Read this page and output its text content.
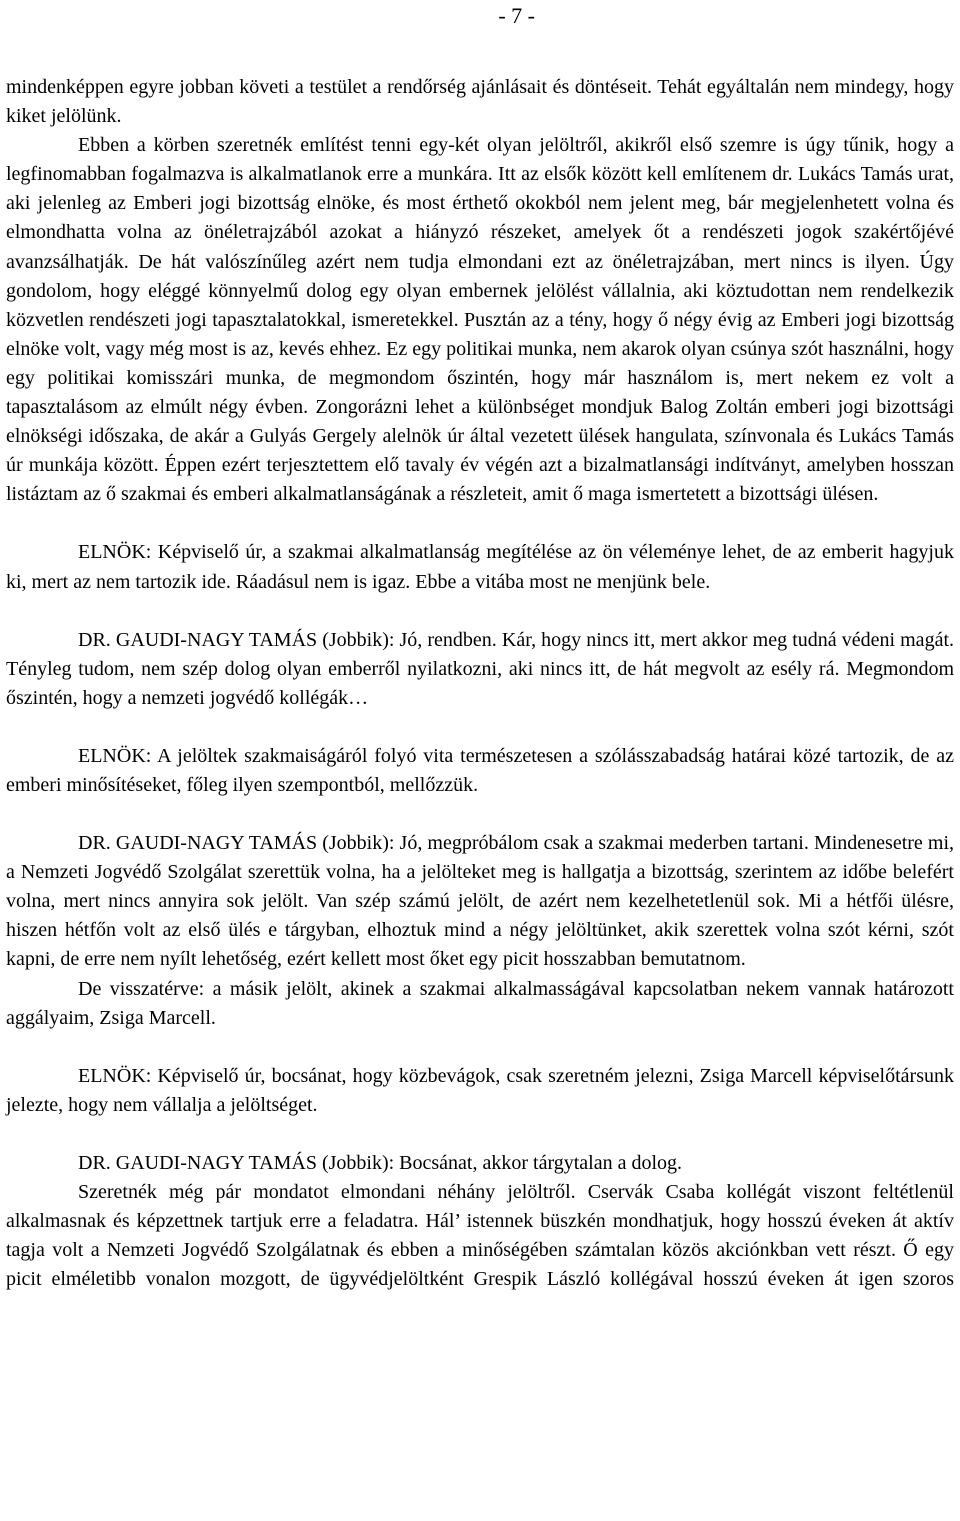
- 7 -

mindenképpen egyre jobban követi a testület a rendőrség ajánlásait és döntéseit. Tehát egyáltalán nem mindegy, hogy kiket jelölünk.

Ebben a körben szeretnék említést tenni egy-két olyan jelöltről, akikről első szemre is úgy tűnik, hogy a legfinomabban fogalmazva is alkalmatlanok erre a munkára. Itt az elsők között kell említenem dr. Lukács Tamás urat, aki jelenleg az Emberi jogi bizottság elnöke, és most érthető okokból nem jelent meg, bár megjelenhetett volna és elmondhatta volna az önéletrajzából azokat a hiányzó részeket, amelyek őt a rendészeti jogok szakértőjévé avanzsálhatják. De hát valószínűleg azért nem tudja elmondani ezt az önéletrajzában, mert nincs is ilyen. Úgy gondolom, hogy eléggé könnyelmű dolog egy olyan embernek jelölést vállalnia, aki köztudottan nem rendelkezik közvetlen rendészeti jogi tapasztalatokkal, ismeretekkel. Pusztán az a tény, hogy ő négy évig az Emberi jogi bizottság elnöke volt, vagy még most is az, kevés ehhez. Ez egy politikai munka, nem akarok olyan csúnya szót használni, hogy egy politikai komisszári munka, de megmondom őszintén, hogy már használom is, mert nekem ez volt a tapasztalásom az elmúlt négy évben. Zongorázni lehet a különbséget mondjuk Balog Zoltán emberi jogi bizottsági elnökségi időszaka, de akár a Gulyás Gergely alelnök úr által vezetett ülések hangulata, színvonala és Lukács Tamás úr munkája között. Éppen ezért terjesztettem elő tavaly év végén azt a bizalmatlansági indítványt, amelyben hosszan listáztam az ő szakmai és emberi alkalmatlanságának a részleteit, amit ő maga ismertetett a bizottsági ülésen.

ELNÖK: Képviselő úr, a szakmai alkalmatlanság megítélése az ön véleménye lehet, de az emberit hagyjuk ki, mert az nem tartozik ide. Ráadásul nem is igaz. Ebbe a vitába most ne menjünk bele.

DR. GAUDI-NAGY TAMÁS (Jobbik): Jó, rendben. Kár, hogy nincs itt, mert akkor meg tudná védeni magát. Tényleg tudom, nem szép dolog olyan emberről nyilatkozni, aki nincs itt, de hát megvolt az esély rá. Megmondom őszintén, hogy a nemzeti jogvédő kollégák…

ELNÖK: A jelöltek szakmaiságáról folyó vita természetesen a szólásszabadság határai közé tartozik, de az emberi minősítéseket, főleg ilyen szempontból, mellőzzük.

DR. GAUDI-NAGY TAMÁS (Jobbik): Jó, megpróbálom csak a szakmai mederben tartani. Mindenesetre mi, a Nemzeti Jogvédő Szolgálat szerettük volna, ha a jelölteket meg is hallgatja a bizottság, szerintem az időbe belefért volna, mert nincs annyira sok jelölt. Van szép számú jelölt, de azért nem kezelhetetlenül sok. Mi a hétfői ülésre, hiszen hétfőn volt az első ülés e tárgyban, elhoztuk mind a négy jelöltünket, akik szerettek volna szót kérni, szót kapni, de erre nem nyílt lehetőség, ezért kellett most őket egy picit hosszabban bemutatnom.

De visszatérve: a másik jelölt, akinek a szakmai alkalmasságával kapcsolatban nekem vannak határozott aggályaim, Zsiga Marcell.

ELNÖK: Képviselő úr, bocsánat, hogy közbevágok, csak szeretném jelezni, Zsiga Marcell képviselőtársunk jelezte, hogy nem vállalja a jelöltséget.

DR. GAUDI-NAGY TAMÁS (Jobbik): Bocsánat, akkor tárgytalan a dolog.

Szeretnék még pár mondatot elmondani néhány jelöltről. Cservák Csaba kollégát viszont feltétlenül alkalmasnak és képzettnek tartjuk erre a feladatra. Hál’ istennek büszkén mondhatjuk, hogy hosszú éveken át aktív tagja volt a Nemzeti Jogvédő Szolgálatnak és ebben a minőségében számtalan közös akciónkban vett részt. Ő egy picit elméletibb vonalon mozgott, de ügyvédjelöltként Grespik László kollégával hosszú éveken át igen szoros
